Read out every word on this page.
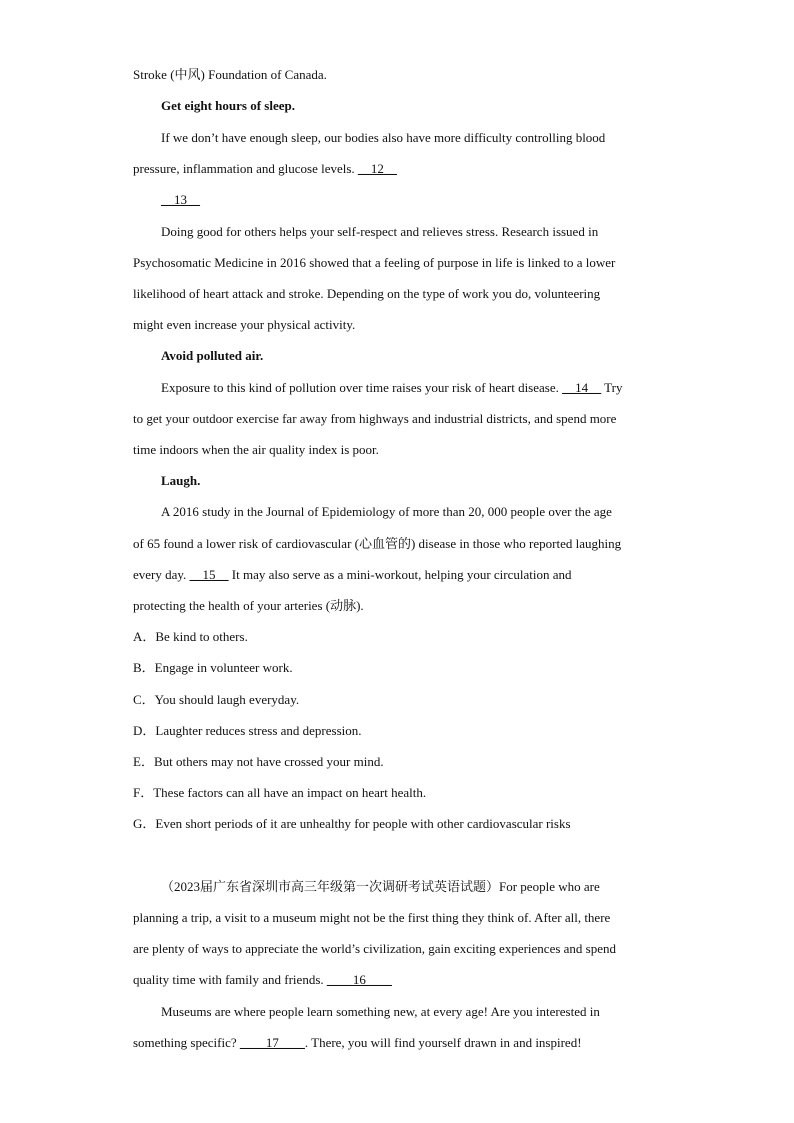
Stroke (中风) Foundation of Canada.
Get eight hours of sleep.
If we don’t have enough sleep, our bodies also have more difficulty controlling blood
pressure, inflammation and glucose levels. __12__
__13__
Doing good for others helps your self-respect and relieves stress. Research issued in
Psychosomatic Medicine in 2016 showed that a feeling of purpose in life is linked to a lower
likelihood of heart attack and stroke. Depending on the type of work you do, volunteering
might even increase your physical activity.
Avoid polluted air.
Exposure to this kind of pollution over time raises your risk of heart disease. __14__ Try
to get your outdoor exercise far away from highways and industrial districts, and spend more
time indoors when the air quality index is poor.
Laugh.
A 2016 study in the Journal of Epidemiology of more than 20, 000 people over the age
of 65 found a lower risk of cardiovascular (心血管的) disease in those who reported laughing
every day. __15__ It may also serve as a mini-workout, helping your circulation and
protecting the health of your arteries (动脉).
A．Be kind to others.
B．Engage in volunteer work.
C．You should laugh everyday.
D．Laughter reduces stress and depression.
E．But others may not have crossed your mind.
F．These factors can all have an impact on heart health.
G．Even short periods of it are unhealthy for people with other cardiovascular risks
（2023届广东省深圳市高三年级第一次调研考试英语试题）For people who are
planning a trip, a visit to a museum might not be the first thing they think of. After all, there
are plenty of ways to appreciate the world’s civilization, gain exciting experiences and spend
quality time with family and friends. ____16____
Museums are where people learn something new, at every age! Are you interested in
something specific? ____17____. There, you will find yourself drawn in and inspired!
